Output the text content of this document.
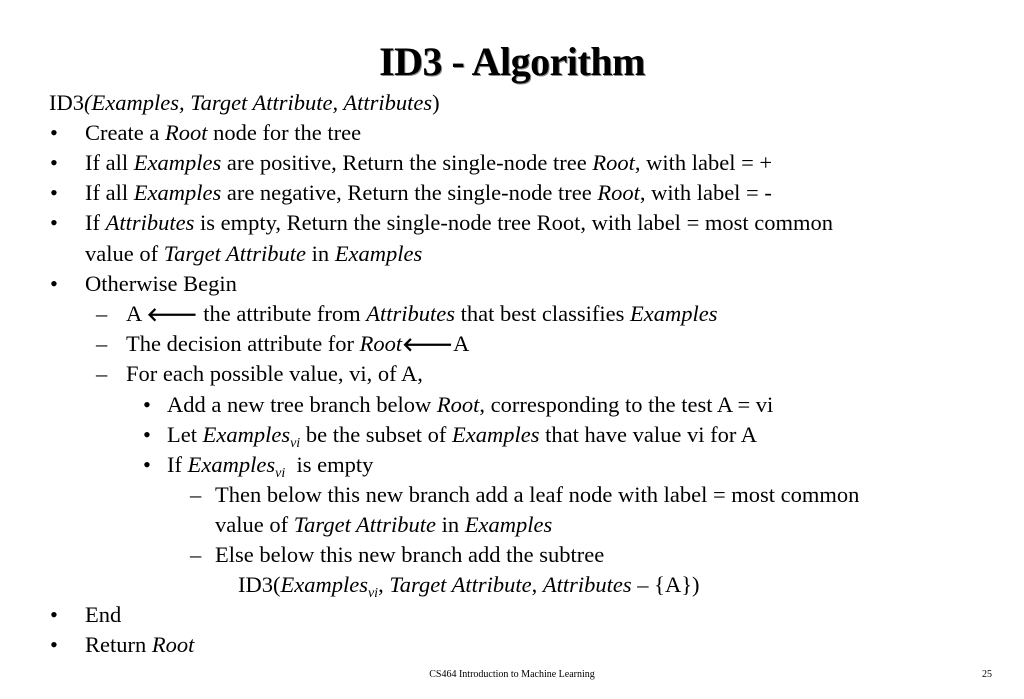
ID3 - Algorithm
ID3(Examples, Target Attribute, Attributes)
• Create a Root node for the tree
• If all Examples are positive, Return the single-node tree Root, with label = +
• If all Examples are negative, Return the single-node tree Root, with label = -
• If Attributes is empty, Return the single-node tree Root, with label = most common
value of Target Attribute in Examples
• Otherwise Begin
– A 🡐 the attribute from Attributes that best classifies Examples
– The decision attribute for Root🡐A
– For each possible value, vi, of A,
• Add a new tree branch below Root, corresponding to the test A = vi
• Let Examples$_{vi}$ be the subset of Examples that have value vi for A
• If Examples$_{vi}$  is empty
– Then below this new branch add a leaf node with label = most common
value of Target Attribute in Examples
– Else below this new branch add the subtree
ID3(Examples$_{vi}$, Target Attribute, Attributes – {A})
• End
• Return Root
CS464 Introduction to Machine Learning	25
